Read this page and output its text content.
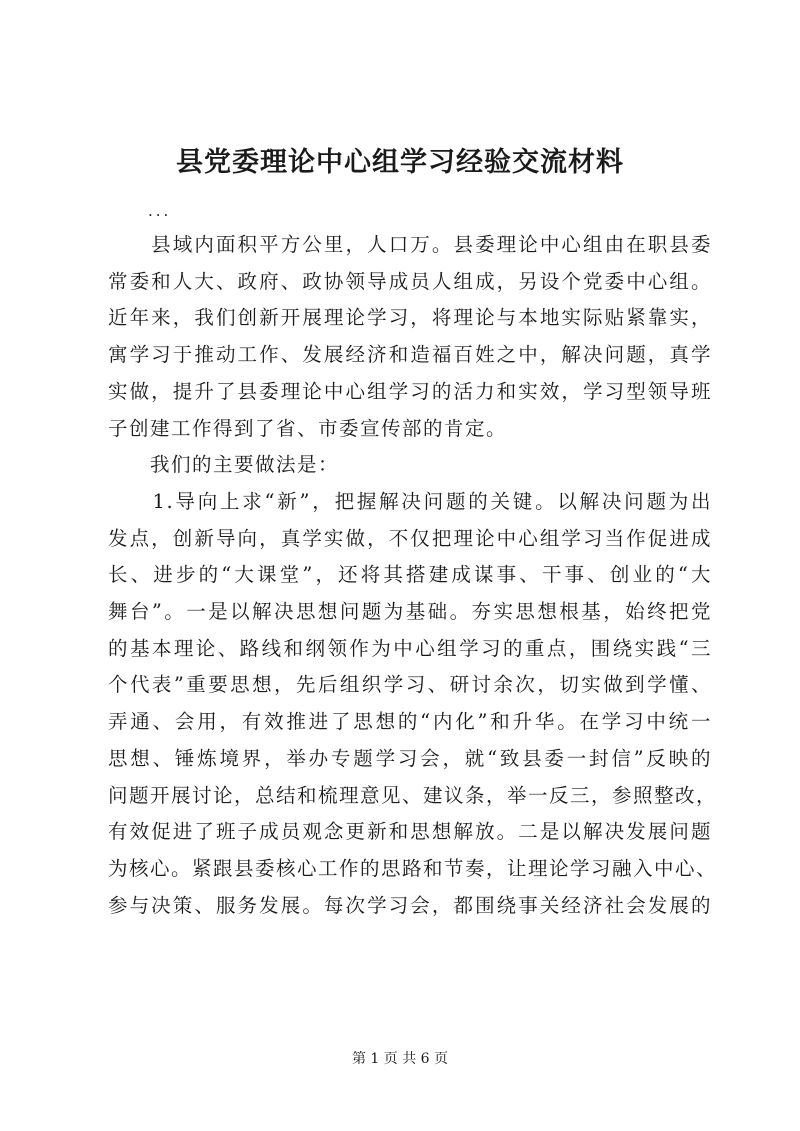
县党委理论中心组学习经验交流材料
...

　　县域内面积平方公里，人口万。县委理论中心组由在职县委
常委和人大、政府、政协领导成员人组成，另设个党委中心组。
近年来，我们创新开展理论学习，将理论与本地实际贴紧靠实，
寓学习于推动工作、发展经济和造福百姓之中，解决问题，真学
实做，提升了县委理论中心组学习的活力和实效，学习型领导班
子创建工作得到了省、市委宣传部的肯定。

　　我们的主要做法是：

　　1.导向上求“新”，把握解决问题的关键。以解决问题为出
发点，创新导向，真学实做，不仅把理论中心组学习当作促进成
长、进步的“大课堂”，还将其搭建成谋事、干事、创业的“大
舞台”。一是以解决思想问题为基础。夯实思想根基，始终把党
的基本理论、路线和纲领作为中心组学习的重点，围绕实践“三
个代表”重要思想，先后组织学习、研讨余次，切实做到学懂、
弄通、会用，有效推进了思想的“内化”和升华。在学习中统一
思想、锤炼境界，举办专题学习会，就“致县委一封信”反映的
问题开展讨论，总结和梳理意见、建议条，举一反三，参照整改，
有效促进了班子成员观念更新和思想解放。二是以解决发展问题
为核心。紧跟县委核心工作的思路和节奏，让理论学习融入中心、
参与决策、服务发展。每次学习会，都围绕事关经济社会发展的

第 1 页 共 6 页
